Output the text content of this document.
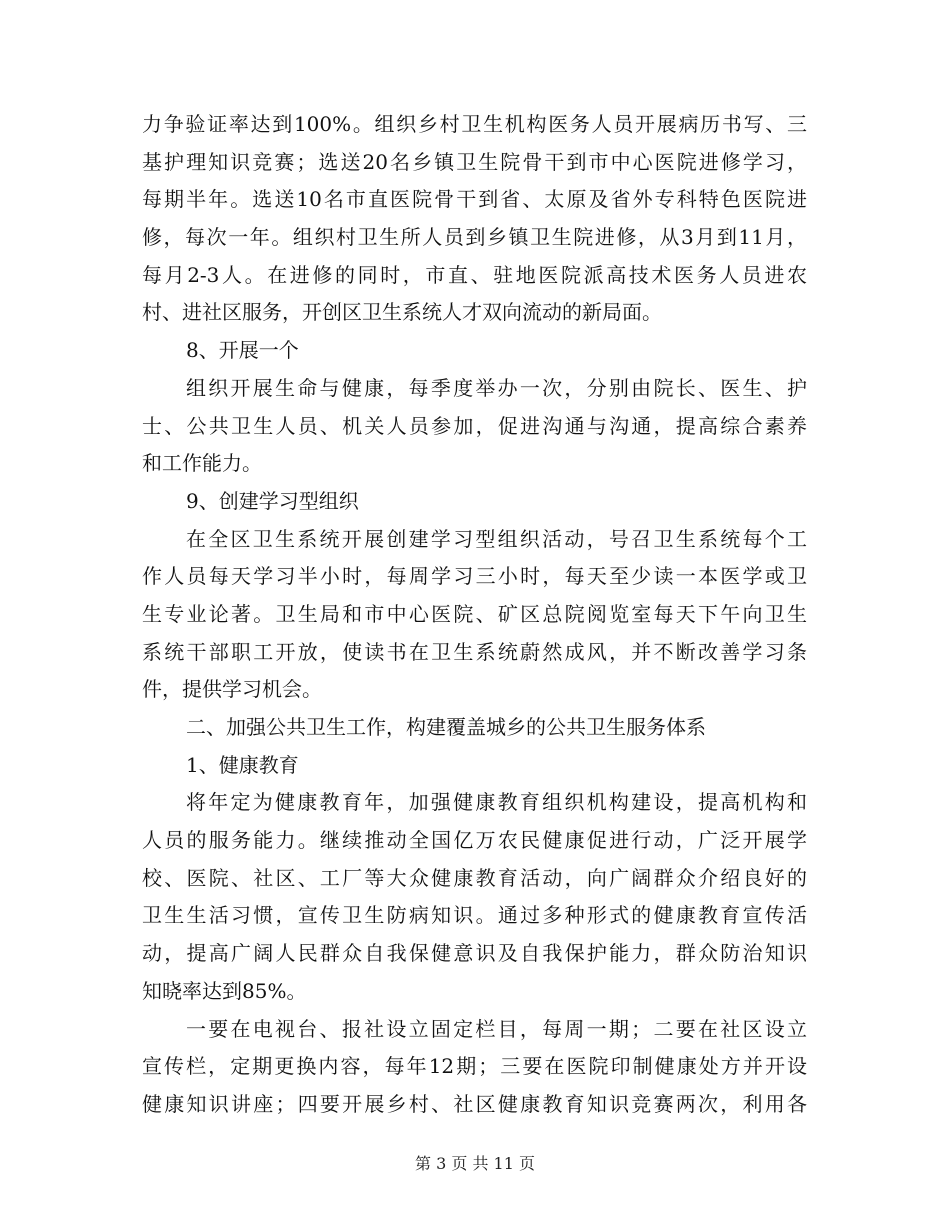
力争验证率达到100%。组织乡村卫生机构医务人员开展病历书写、三
基护理知识竞赛；选送20名乡镇卫生院骨干到市中心医院进修学习，
每期半年。选送10名市直医院骨干到省、太原及省外专科特色医院进
修，每次一年。组织村卫生所人员到乡镇卫生院进修，从3月到11月，
每月2-3人。在进修的同时，市直、驻地医院派高技术医务人员进农
村、进社区服务，开创区卫生系统人才双向流动的新局面。
8、开展一个
组织开展生命与健康，每季度举办一次，分别由院长、医生、护
士、公共卫生人员、机关人员参加，促进沟通与沟通，提高综合素养
和工作能力。
9、创建学习型组织
在全区卫生系统开展创建学习型组织活动，号召卫生系统每个工
作人员每天学习半小时，每周学习三小时，每天至少读一本医学或卫
生专业论著。卫生局和市中心医院、矿区总院阅览室每天下午向卫生
系统干部职工开放，使读书在卫生系统蔚然成风，并不断改善学习条
件，提供学习机会。
二、加强公共卫生工作，构建覆盖城乡的公共卫生服务体系
1、健康教育
将年定为健康教育年，加强健康教育组织机构建设，提高机构和
人员的服务能力。继续推动全国亿万农民健康促进行动，广泛开展学
校、医院、社区、工厂等大众健康教育活动，向广阔群众介绍良好的
卫生生活习惯，宣传卫生防病知识。通过多种形式的健康教育宣传活
动，提高广阔人民群众自我保健意识及自我保护能力，群众防治知识
知晓率达到85%。
一要在电视台、报社设立固定栏目，每周一期；二要在社区设立
宣传栏，定期更换内容，每年12期；三要在医院印制健康处方并开设
健康知识讲座；四要开展乡村、社区健康教育知识竞赛两次，利用各
第 3 页 共 11 页
